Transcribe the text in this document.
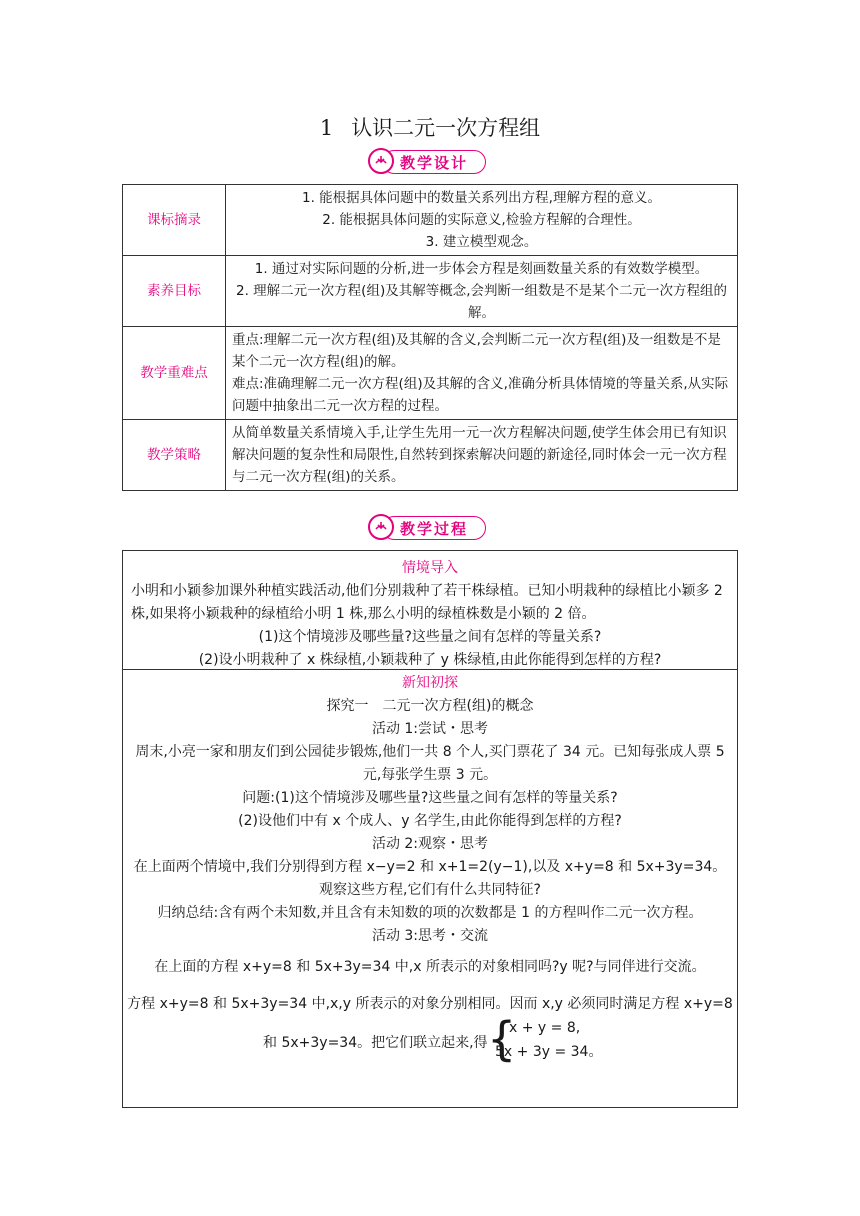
1 认识二元一次方程组
教学设计
课标摘录	1. 能根据具体问题中的数量关系列出方程,理解方程的意义。
2. 能根据具体问题的实际意义,检验方程解的合理性。
3. 建立模型观念。

素养目标	1. 通过对实际问题的分析,进一步体会方程是刻画数量关系的有效数学模型。
2. 理解二元一次方程(组)及其解等概念,会判断一组数是不是某个二元一次方程组的解。

教学重难点	重点:理解二元一次方程(组)及其解的含义,会判断二元一次方程(组)及一组数是不是某个二元一次方程(组)的解。
难点:准确理解二元一次方程(组)及其解的含义,准确分析具体情境的等量关系,从实际问题中抽象出二元一次方程的过程。

教学策略	从简单数量关系情境入手,让学生先用一元一次方程解决问题,使学生体会用已有知识解决问题的复杂性和局限性,自然转到探索解决问题的新途径,同时体会一元一次方程与二元一次方程(组)的关系。
教学过程
情境导入
小明和小颖参加课外种植实践活动,他们分别栽种了若干株绿植。已知小明栽种的绿植比小颖多 2 株,如果将小颖栽种的绿植给小明 1 株,那么小明的绿植株数是小颖的 2 倍。
(1)这个情境涉及哪些量?这些量之间有怎样的等量关系?
(2)设小明栽种了 x 株绿植,小颖栽种了 y 株绿植,由此你能得到怎样的方程?
新知初探
探究一　二元一次方程(组)的概念
活动 1:尝试・思考
周末,小亮一家和朋友们到公园徒步锻炼,他们一共 8 个人,买门票花了 34 元。已知每张成人票 5 元,每张学生票 3 元。
问题:(1)这个情境涉及哪些量?这些量之间有怎样的等量关系?
(2)设他们中有 x 个成人、y 名学生,由此你能得到怎样的方程?
活动 2:观察・思考
在上面两个情境中,我们分别得到方程 x−y=2 和 x+1=2(y−1),以及 x+y=8 和 5x+3y=34。观察这些方程,它们有什么共同特征?
归纳总结:含有两个未知数,并且含有未知数的项的次数都是 1 的方程叫作二元一次方程。
活动 3:思考・交流
在上面的方程 x+y=8 和 5x+3y=34 中,x 所表示的对象相同吗?y 呢?与同伴进行交流。
方程 x+y=8 和 5x+3y=34 中,x,y 所表示的对象分别相同。因而 x,y 必须同时满足方程 x+y=8
和 5x+3y=34。把它们联立起来,得 {
x + y = 8,
5x + 3y = 34。
